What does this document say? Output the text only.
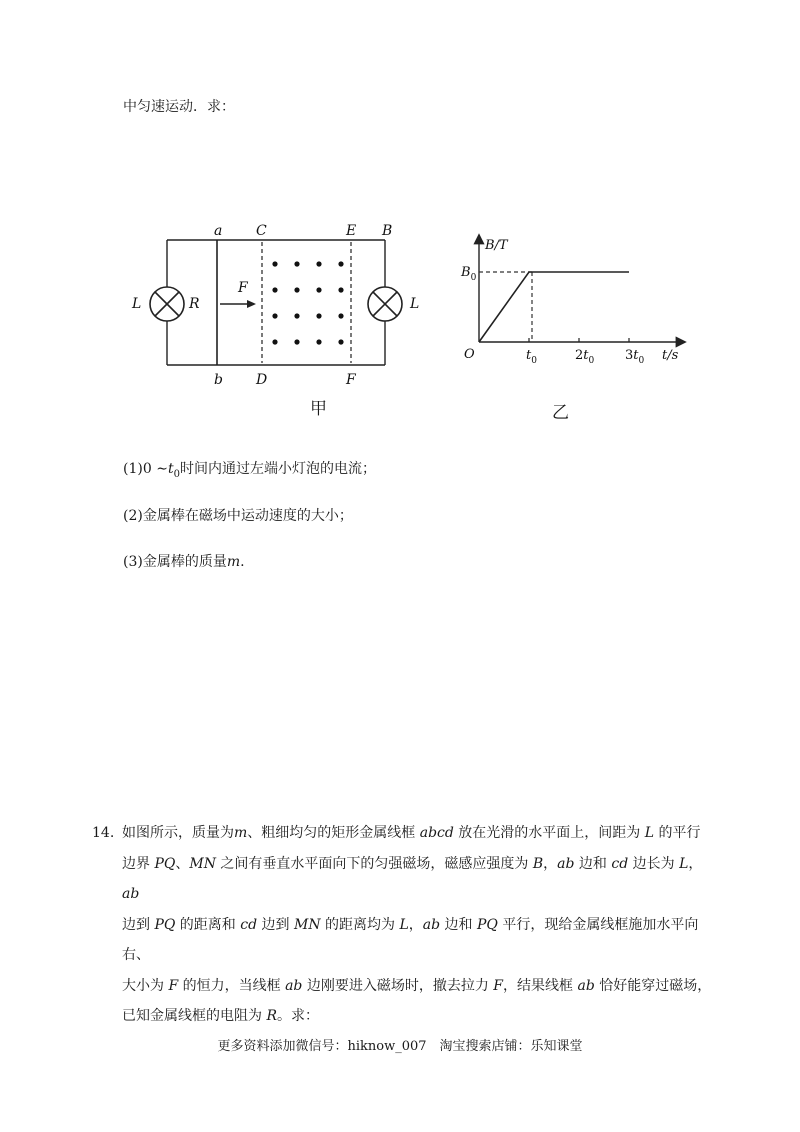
中匀速运动．求：
a
b
C
D
E
F
B
R
L	L
F
甲
B/T
t/s
O
$B_0$
$t_0$	$2t_0$ $3t_0$
乙
(1)0 $\sim t_0$时间内通过左端小灯泡的电流；
(2)金属棒在磁场中运动速度的大小；
(3)金属棒的质量m.
14. 如图所示，质量为m、粗细均匀的矩形金属线框 abcd 放在光滑的水平面上，间距为 L 的平行
边界 PQ、MN 之间有垂直水平面向下的匀强磁场，磁感应强度为 B，ab 边和 cd 边长为 L，ab
边到 PQ 的距离和 cd 边到 MN 的距离均为 L，ab 边和 PQ 平行，现给金属线框施加水平向右、
大小为 F 的恒力，当线框 ab 边刚要进入磁场时，撤去拉力 F，结果线框 ab 恰好能穿过磁场，
已知金属线框的电阻为 R。求：
更多资料添加微信号：hiknow_007　淘宝搜索店铺：乐知课堂
